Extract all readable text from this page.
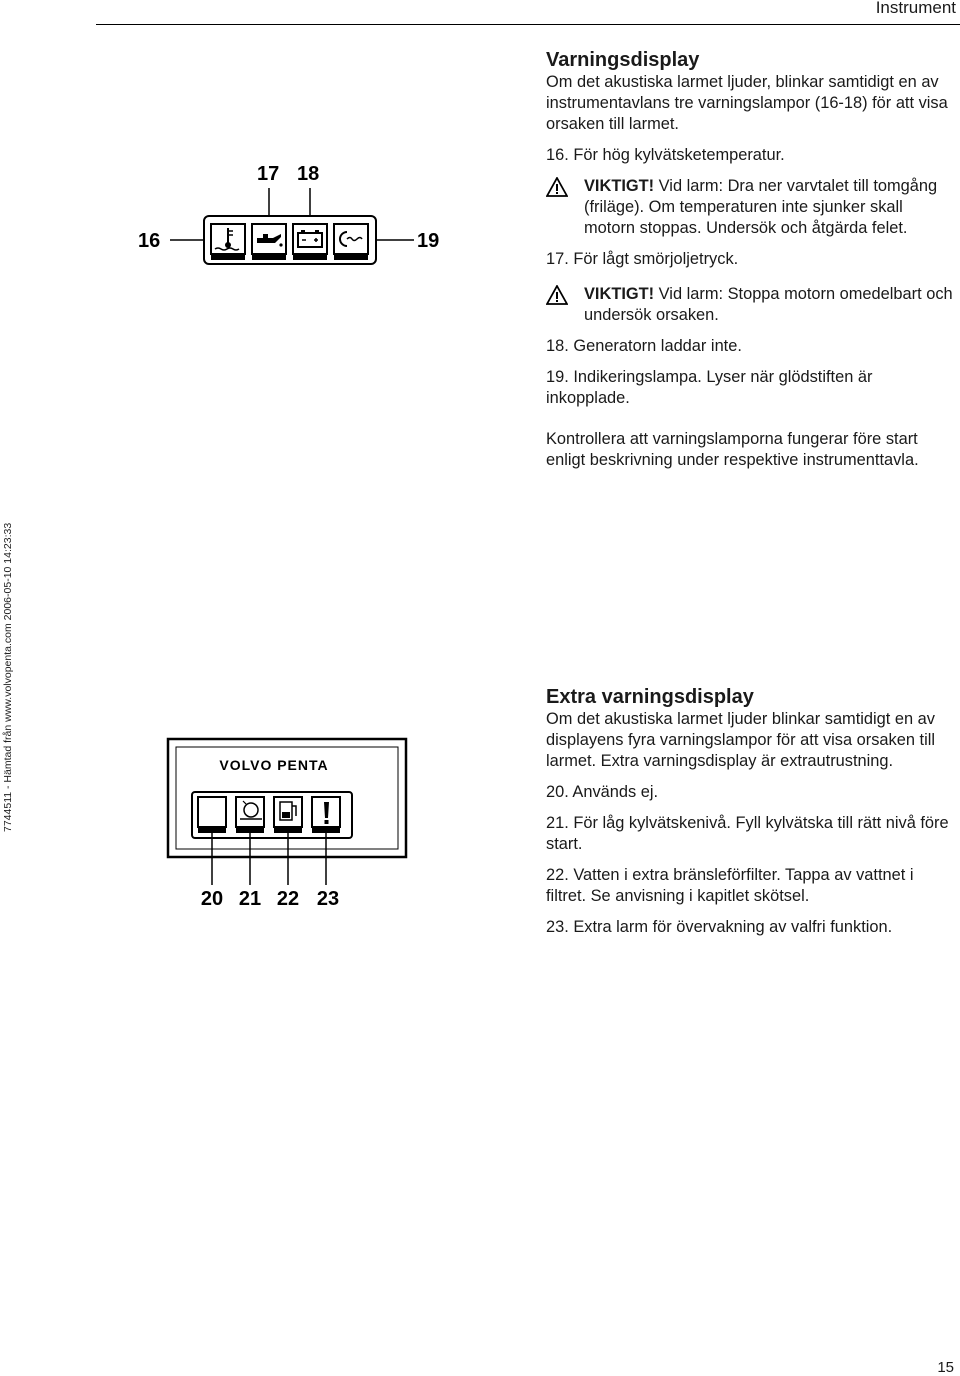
Instrument
7744511 - Hämtad från www.volvopenta.com 2006-05-10 14:23:33
16
17 18
19
Varningsdisplay

Om det akustiska larmet ljuder, blinkar samtidigt en av instrumentavlans tre varningslampor (16-18) för att visa orsaken till larmet.

16. För hög kylvätsketemperatur.

VIKTIGT! Vid larm: Dra ner varvtalet till tomgång (friläge). Om temperaturen inte sjunker skall motorn stoppas. Undersök och åtgärda felet.

17. För lågt smörjoljetryck.

VIKTIGT! Vid larm: Stoppa motorn omedelbart och undersök orsaken.

18. Generatorn laddar inte.

19. Indikeringslampa. Lyser när glödstiften är inkopplade.

Kontrollera att varningslamporna fungerar före start enligt beskrivning under respektive instrumenttavla.

VOLVO PENTA
20 21 22 23
Extra varningsdisplay

Om det akustiska larmet ljuder blinkar samtidigt en av displayens fyra varningslampor för att visa orsaken till larmet. Extra varningsdisplay är extrautrustning.

20. Används ej.

21. För låg kylvätskenivå. Fyll kylvätska till rätt nivå före start.

22. Vatten i extra bränsleförfilter. Tappa av vattnet i filtret. Se anvisning i kapitlet skötsel.

23. Extra larm för övervakning av valfri funktion.

15
